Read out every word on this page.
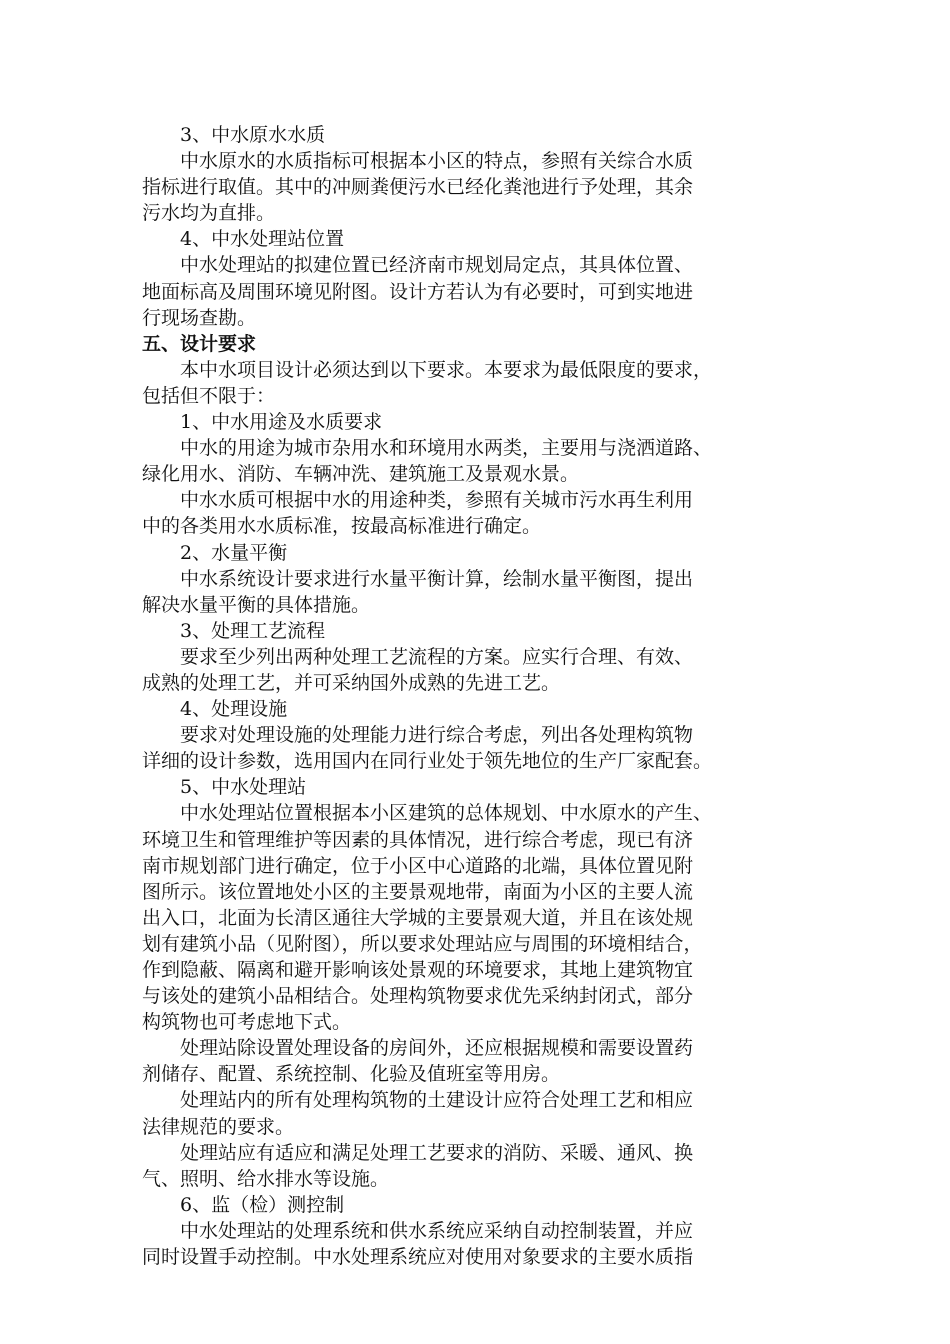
3、中水原水水质
中水原水的水质指标可根据本小区的特点，参照有关综合水质
指标进行取值。其中的冲厕粪便污水已经化粪池进行予处理，其余
污水均为直排。
4、中水处理站位置
中水处理站的拟建位置已经济南市规划局定点，其具体位置、
地面标高及周围环境见附图。设计方若认为有必要时，可到实地进
行现场查勘。
五、设计要求
本中水项目设计必须达到以下要求。本要求为最低限度的要求，
包括但不限于：
1、中水用途及水质要求
中水的用途为城市杂用水和环境用水两类，主要用与浇洒道路、
绿化用水、消防、车辆冲洗、建筑施工及景观水景。
中水水质可根据中水的用途种类，参照有关城市污水再生利用
中的各类用水水质标准，按最高标准进行确定。
2、水量平衡
中水系统设计要求进行水量平衡计算，绘制水量平衡图，提出
解决水量平衡的具体措施。
3、处理工艺流程
要求至少列出两种处理工艺流程的方案。应实行合理、有效、
成熟的处理工艺，并可采纳国外成熟的先进工艺。
4、处理设施
要求对处理设施的处理能力进行综合考虑，列出各处理构筑物
详细的设计参数，选用国内在同行业处于领先地位的生产厂家配套。
5、中水处理站
中水处理站位置根据本小区建筑的总体规划、中水原水的产生、
环境卫生和管理维护等因素的具体情况，进行综合考虑，现已有济
南市规划部门进行确定，位于小区中心道路的北端，具体位置见附
图所示。该位置地处小区的主要景观地带，南面为小区的主要人流
出入口，北面为长清区通往大学城的主要景观大道，并且在该处规
划有建筑小品（见附图），所以要求处理站应与周围的环境相结合，
作到隐蔽、隔离和避开影响该处景观的环境要求，其地上建筑物宜
与该处的建筑小品相结合。处理构筑物要求优先采纳封闭式，部分
构筑物也可考虑地下式。
处理站除设置处理设备的房间外，还应根据规模和需要设置药
剂储存、配置、系统控制、化验及值班室等用房。
处理站内的所有处理构筑物的土建设计应符合处理工艺和相应
法律规范的要求。
处理站应有适应和满足处理工艺要求的消防、采暖、通风、换
气、照明、给水排水等设施。
6、监（检）测控制
中水处理站的处理系统和供水系统应采纳自动控制装置，并应
同时设置手动控制。中水处理系统应对使用对象要求的主要水质指
